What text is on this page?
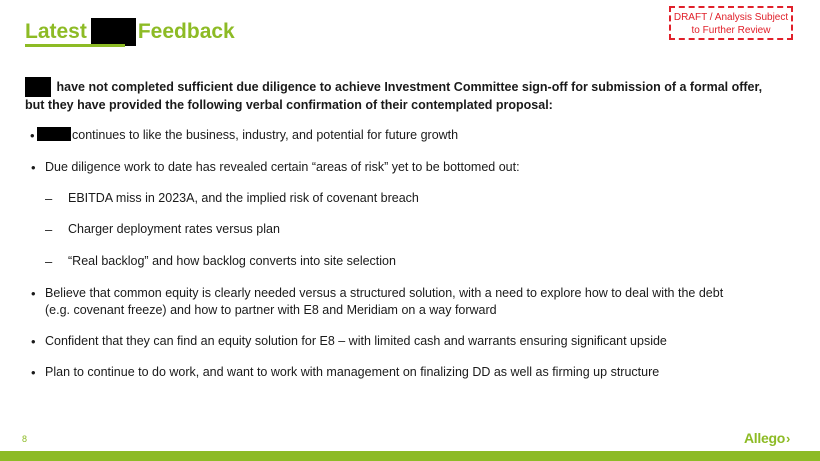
Latest Feedback
DRAFT / Analysis Subject
to Further Review
have not completed sufficient due diligence to achieve Investment Committee sign-off for submission of a formal offer,
but they have provided the following verbal confirmation of their contemplated proposal:
•	continues to like the business, industry, and potential for future growth
• Due diligence work to date has revealed certain “areas of risk” yet to be bottomed out:
– EBITDA miss in 2023A, and the implied risk of covenant breach
– Charger deployment rates versus plan
– “Real backlog” and how backlog converts into site selection
• Believe that common equity is clearly needed versus a structured solution, with a need to explore how to deal with the debt
(e.g. covenant freeze) and how to partner with E8 and Meridiam on a way forward
• Confident that they can find an equity solution for E8 – with limited cash and warrants ensuring significant upside
• Plan to continue to do work, and want to work with management on finalizing DD as well as firming up structure
8	Allego›
